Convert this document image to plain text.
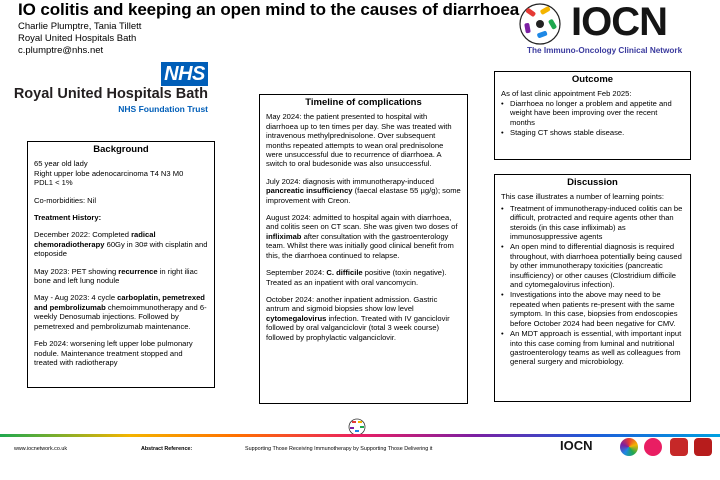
IO colitis and keeping an open mind to the causes of diarrhoea
Charlie Plumptre, Tania Tillett
Royal United Hospitals Bath
c.plumptre@nhs.net
IOCN
The Immuno-Oncology Clinical Network
NHS
Royal United Hospitals Bath
NHS Foundation Trust
Background

65 year old lady
Right upper lobe adenocarcinoma T4 N3 M0
PDL1 < 1%

Co-morbidities: Nil

Treatment History:

December 2022: Completed radical chemoradiotherapy 60Gy in 30# with cisplatin and etoposide

May 2023: PET showing recurrence in right iliac bone and left lung nodule

May - Aug 2023: 4 cycle carboplatin, pemetrexed and pembrolizumab chemoimmunotherapy and 6-weekly Denosumab injections. Followed by pemetrexed and pembrolizumab maintenance.

Feb 2024: worsening left upper lobe pulmonary nodule. Maintenance treatment stopped and treated with radiotherapy

Timeline of complications

May 2024: the patient presented to hospital with diarrhoea up to ten times per day. She was treated with intravenous methylprednisolone. Over subsequent months repeated attempts to wean oral prednisolone were unsuccessful due to recurrence of diarrhoea. A switch to oral budesonide was also unsuccessful.

July 2024: diagnosis with immunotherapy-induced pancreatic insufficiency (faecal elastase 55 µg/g); some improvement with Creon.

August 2024: admitted to hospital again with diarrhoea, and colitis seen on CT scan. She was given two doses of infliximab after consultation with the gastroenterology team. Whilst there was initially good clinical benefit from this, the diarrhoea continued to relapse.

September 2024: C. difficile positive (toxin negative). Treated as an inpatient with oral vancomycin.

October 2024: another inpatient admission. Gastric antrum and sigmoid biopsies show low level cytomegalovirus infection. Treated with IV ganciclovir followed by oral valganciclovir (total 3 week course) followed by prophylactic valganciclovir.

Outcome
As of last clinic appointment Feb 2025:
• Diarrhoea no longer a problem and appetite and weight have been improving over the recent months
• Staging CT shows stable disease.
Discussion

This case illustrates a number of learning points:

• Treatment of immunotherapy-induced colitis can be difficult, protracted and require agents other than steroids (in this case infliximab) as immunosuppressive agents
• An open mind to differential diagnosis is required throughout, with diarrhoea potentially being caused by other immunotherapy toxicities (pancreatic insufficiency) or other causes (Clostridium difficile and cytomegalovirus infection).
• Investigations into the above may need to be repeated when patients re-present with the same symptom. In this case, biopsies from endoscopies before October 2024 had been negative for CMV.
• An MDT approach is essential, with important input into this case coming from luminal and nutritional gastroenterology teams as well as colleagues from general surgery and microbiology.
www.iocnetwork.co.uk	Abstract Reference:	Supporting Those Receiving Immunotherapy by Supporting Those Delivering it	IOCN
